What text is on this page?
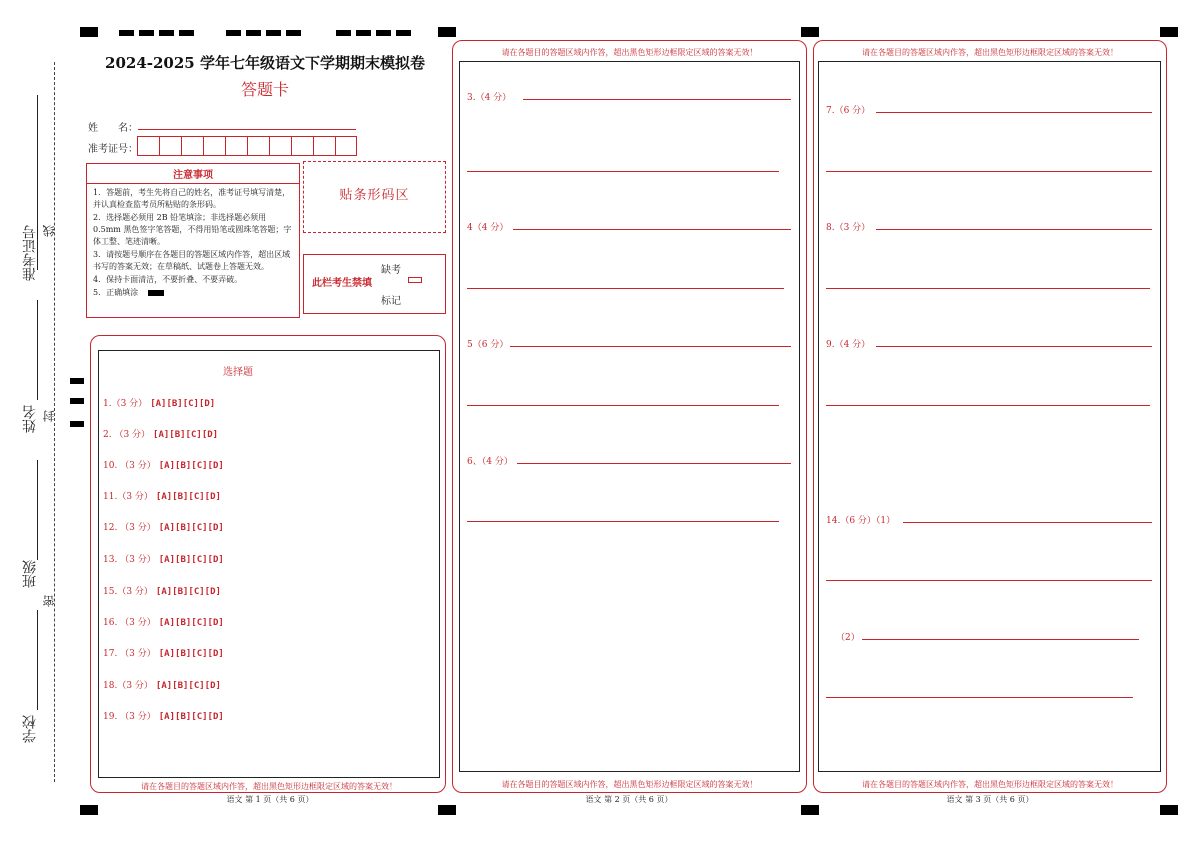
准考证号 线
姓名 封
班级
密
学校
2024-2025 学年七年级语文下学期期末模拟卷
答题卡
姓　　名：
准考证号：
注意事项
1．答题前，考生先将自己的姓名，准考证号填写清楚，并认真检查监考员所粘贴的条形码。
2．选择题必须用 2B 铅笔填涂；非选择题必须用 0.5mm 黑色签字笔答题，不得用铅笔或圆珠笔答题；字体工整、笔迹清晰。
3．请按题号顺序在各题目的答题区域内作答，超出区域书写的答案无效；在草稿纸、试题卷上答题无效。
4．保持卡面清洁，不要折叠、不要弄破。
5．正确填涂
贴条形码区
此栏考生禁填
缺考
标记
选择题
1.（3 分） [A][B][C][D]
2. （3 分） [A][B][C][D]
10. （3 分） [A][B][C][D]
11.（3 分） [A][B][C][D]
12. （3 分） [A][B][C][D]
13. （3 分） [A][B][C][D]
15.（3 分） [A][B][C][D]
16. （3 分） [A][B][C][D]
17. （3 分） [A][B][C][D]
18.（3 分） [A][B][C][D]
19. （3 分） [A][B][C][D]
请在各题目的答题区域内作答，超出黑色矩形边框限定区域的答案无效！
语文 第 1 页（共 6 页）
请在各题目的答题区域内作答，超出黑色矩形边框限定区域的答案无效！
3.（4 分）
4（4 分）
5（6 分）
6、（4 分）
请在各题目的答题区域内作答，超出黑色矩形边框限定区域的答案无效！
语文 第 2 页（共 6 页）
请在各题目的答题区域内作答，超出黑色矩形边框限定区域的答案无效！
7.（6 分）
8.（3 分）
9.（4 分）
14.（6 分）（1）
（2）
请在各题目的答题区域内作答，超出黑色矩形边框限定区域的答案无效！
语文 第 3 页（共 6 页）
